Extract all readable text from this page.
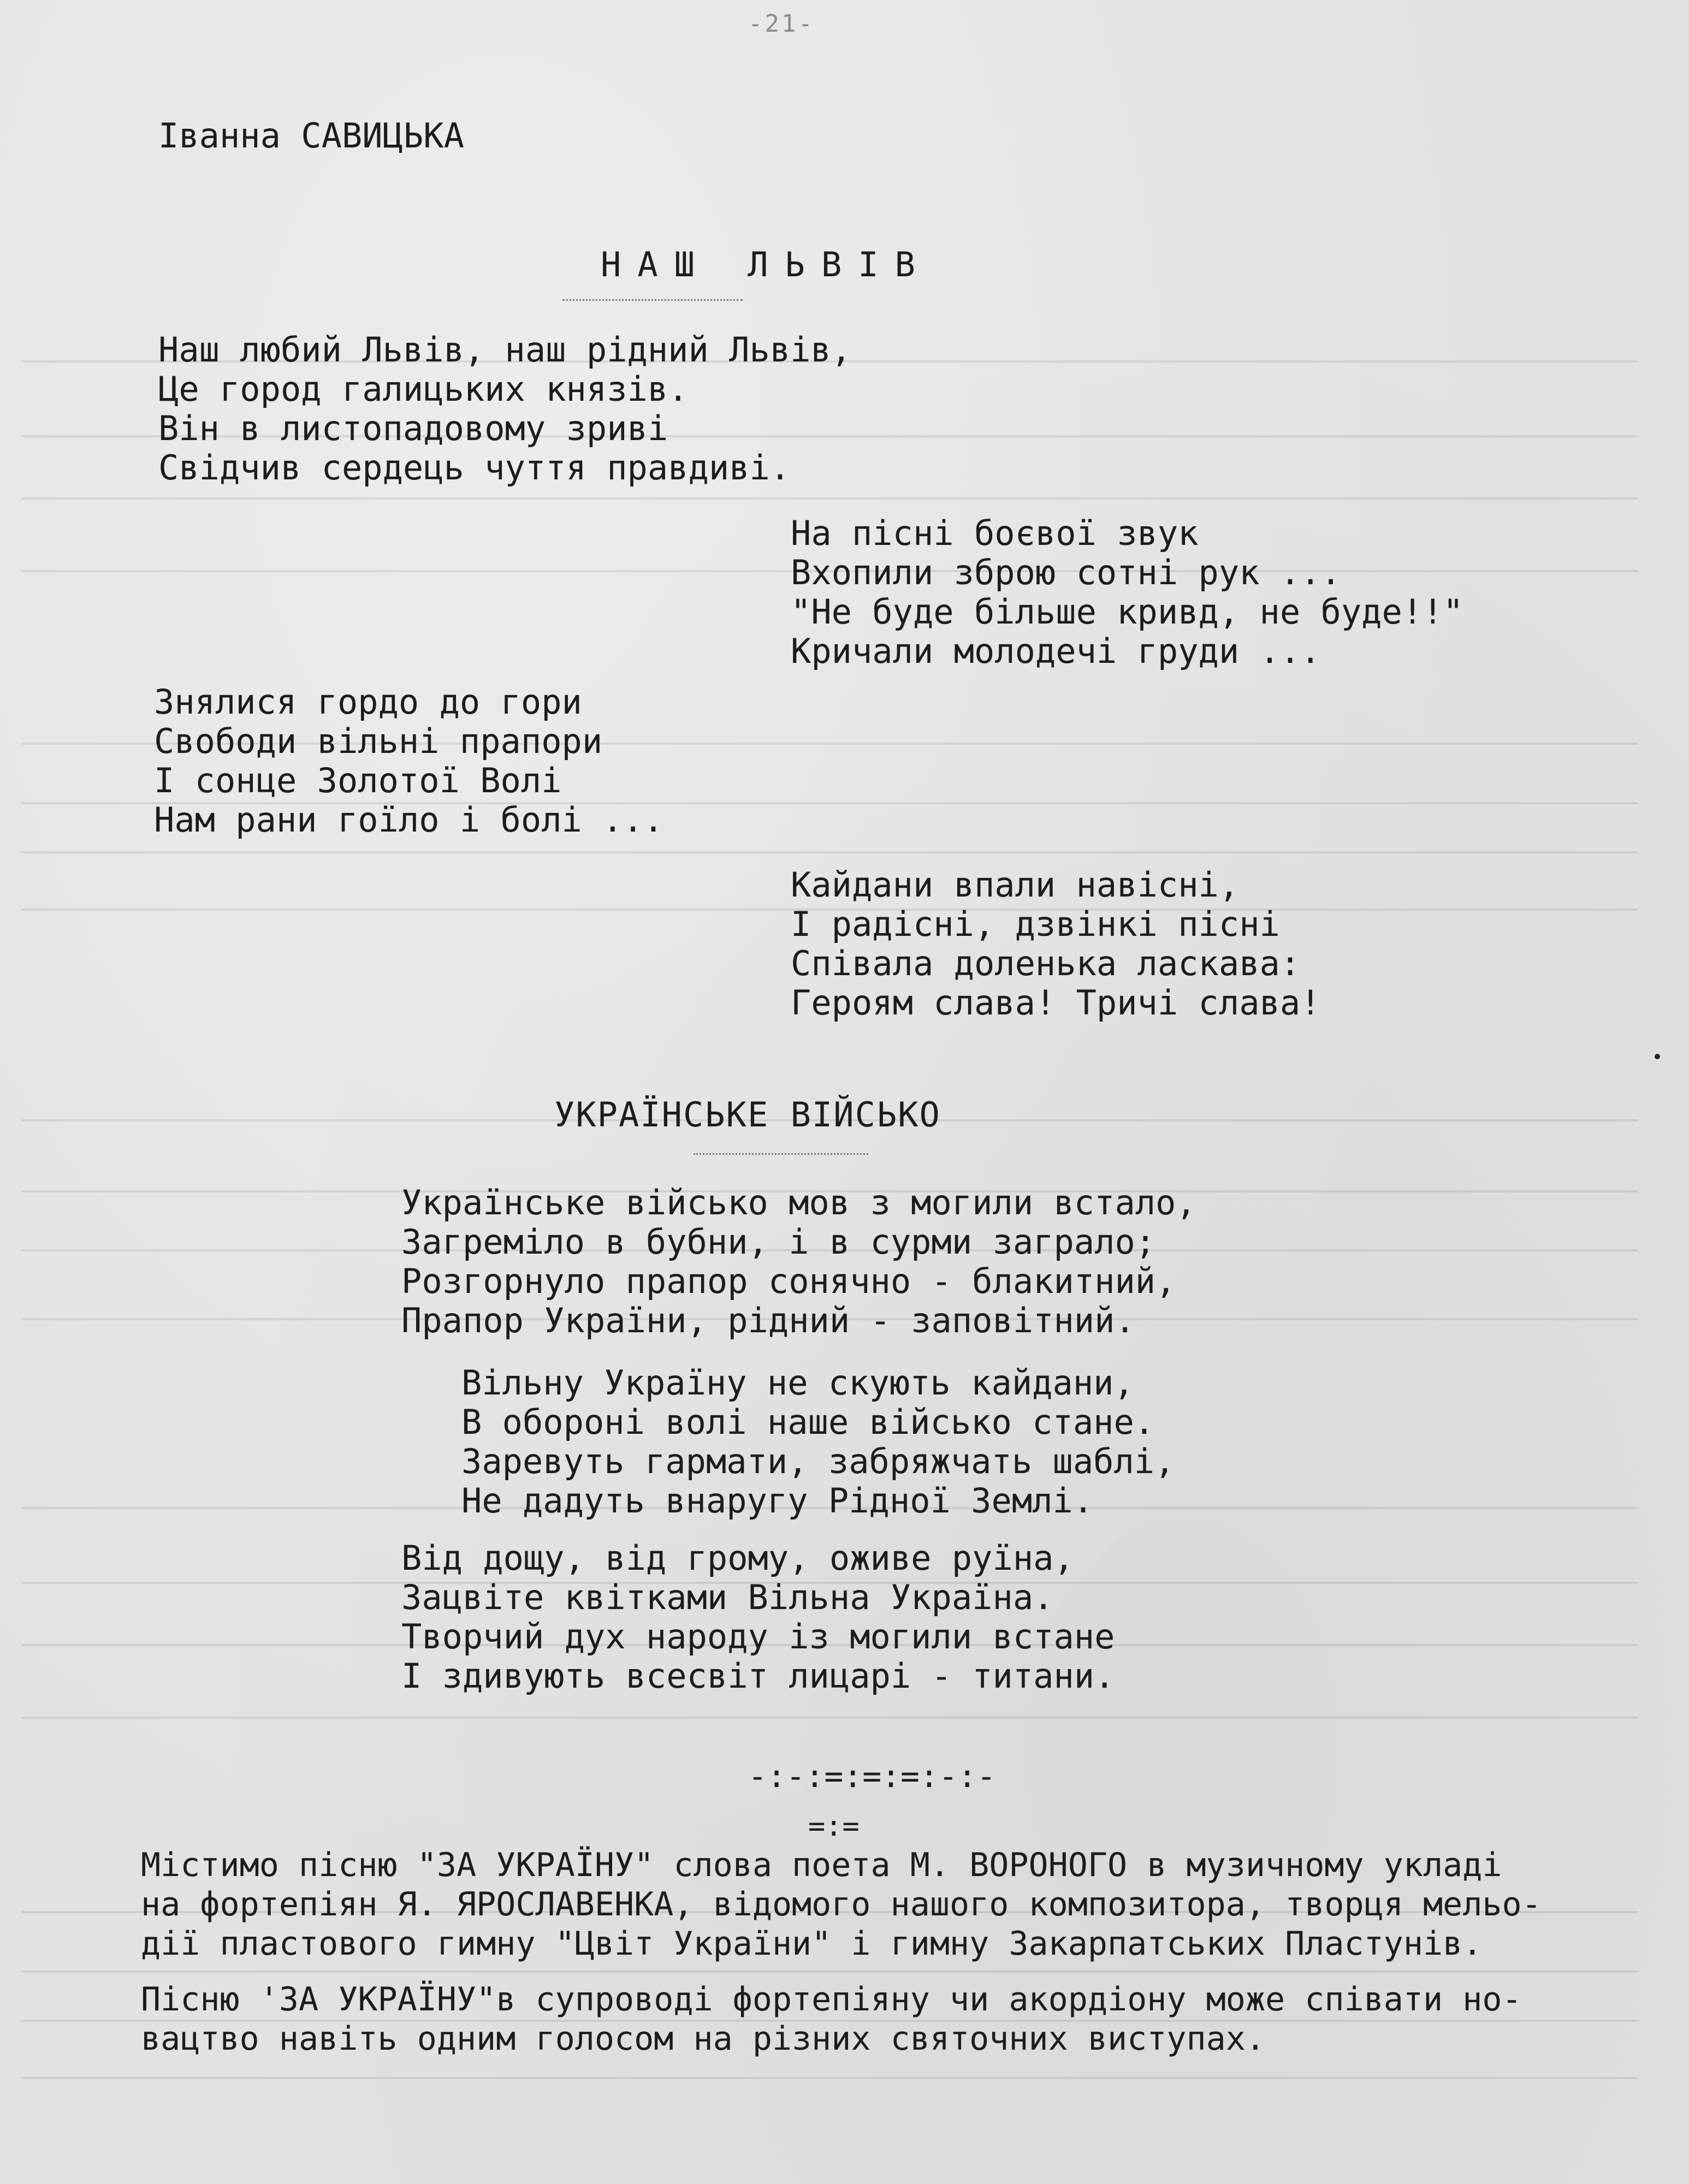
-21-
Іванна САВИЦЬКА
НАШ ЛЬВІВ

Наш любий Львів, наш рідний Львів,
Це город галицьких князів.
Він в листопадовому зриві
Свідчив сердець чуття правдиві.

На пісні боєвої звук
Вхопили зброю сотні рук ...
"Не буде більше кривд, не буде!!"
Кричали молодечі груди ...

Знялися гордо до гори
Свободи вільні прапори
І сонце Золотої Волі
Нам рани гоїло і болі ...

Кайдани впали навісні,
І радісні, дзвінкі пісні
Співала доленька ласкава:
Героям слава! Тричі слава!

УКРАЇНСЬКЕ ВІЙСЬКО

Українське військо мов з могили встало,
Загреміло в бубни, і в сурми заграло;
Розгорнуло прапор сонячно - блакитний,
Прапор України, рідний - заповітний.

Вільну Україну не скують кайдани,
В обороні волі наше військо стане.
Заревуть гармати, забряжчать шаблі,
Не дадуть внаругу Рідної Землі.

Від дощу, від грому, оживе руїна,
Зацвіте квітками Вільна Україна.
Творчий дух народу із могили встане
І здивують всесвіт лицарі - титани.

-:-:=:=:=:-:-

=:=

Містимо пісню "ЗА УКРАЇНУ" слова поета М. ВОРОНОГО в музичному укладі
на фортепіян Я. ЯРОСЛАВЕНКА, відомого нашого композитора, творця мельо-
дії пластового гимну "Цвіт України" і гимну Закарпатських Пластунів.

Пісню 'ЗА УКРАЇНУ"в супроводі фортепіяну чи акордіону може співати но-
вацтво навіть одним голосом на різних святочних виступах.
